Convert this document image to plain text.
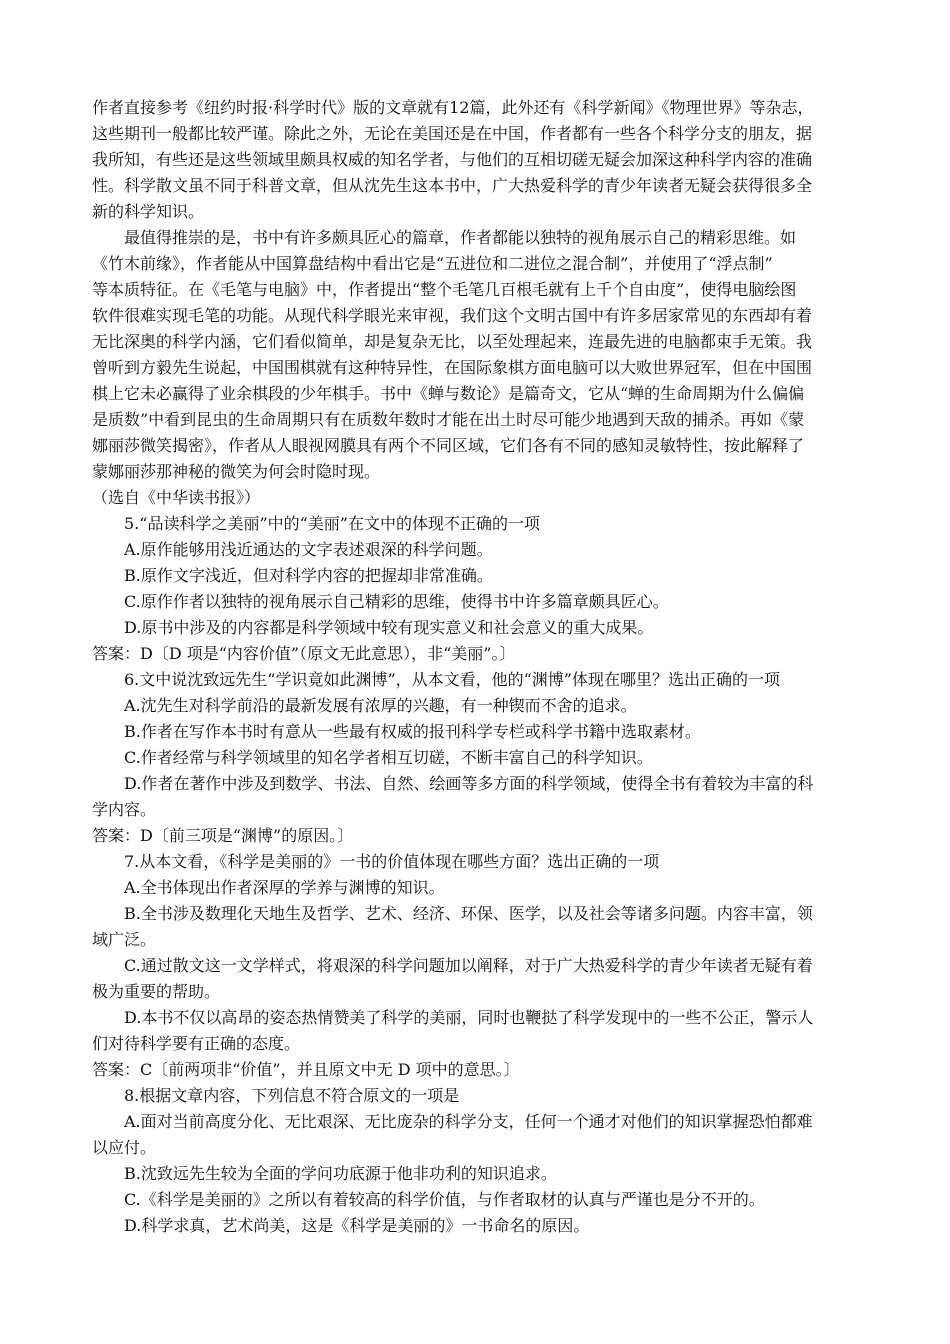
作者直接参考《纽约时报·科学时代》版的文章就有12篇，此外还有《科学新闻》《物理世界》等杂志，
这些期刊一般都比较严谨。除此之外，无论在美国还是在中国，作者都有一些各个科学分支的朋友，据
我所知，有些还是这些领域里颇具权威的知名学者，与他们的互相切磋无疑会加深这种科学内容的准确
性。科学散文虽不同于科普文章，但从沈先生这本书中，广大热爱科学的青少年读者无疑会获得很多全
新的科学知识。
最值得推崇的是，书中有许多颇具匠心的篇章，作者都能以独特的视角展示自己的精彩思维。如
《竹木前缘》，作者能从中国算盘结构中看出它是“五进位和二进位之混合制”，并使用了“浮点制”
等本质特征。在《毛笔与电脑》中，作者提出“整个毛笔几百根毛就有上千个自由度”，使得电脑绘图
软件很难实现毛笔的功能。从现代科学眼光来审视，我们这个文明古国中有许多居家常见的东西却有着
无比深奥的科学内涵，它们看似简单，却是复杂无比，以至处理起来，连最先进的电脑都束手无策。我
曾听到方毅先生说起，中国围棋就有这种特异性，在国际象棋方面电脑可以大败世界冠军，但在中国围
棋上它未必赢得了业余棋段的少年棋手。书中《蝉与数论》是篇奇文，它从“蝉的生命周期为什么偏偏
是质数”中看到昆虫的生命周期只有在质数年数时才能在出土时尽可能少地遇到天敌的捕杀。再如《蒙
娜丽莎微笑揭密》，作者从人眼视网膜具有两个不同区域，它们各有不同的感知灵敏特性，按此解释了
蒙娜丽莎那神秘的微笑为何会时隐时现。
（选自《中华读书报》）
5.“品读科学之美丽”中的“美丽”在文中的体现不正确的一项
A.原作能够用浅近通达的文字表述艰深的科学问题。
B.原作文字浅近，但对科学内容的把握却非常准确。
C.原作作者以独特的视角展示自己精彩的思维，使得书中许多篇章颇具匠心。
D.原书中涉及的内容都是科学领域中较有现实意义和社会意义的重大成果。
答案：D〔D 项是“内容价值”（原文无此意思），非“美丽”。〕
6.文中说沈致远先生“学识竟如此渊博”，从本文看，他的“渊博”体现在哪里？选出正确的一项
A.沈先生对科学前沿的最新发展有浓厚的兴趣，有一种锲而不舍的追求。
B.作者在写作本书时有意从一些最有权威的报刊科学专栏或科学书籍中选取素材。
C.作者经常与科学领域里的知名学者相互切磋，不断丰富自己的科学知识。
D.作者在著作中涉及到数学、书法、自然、绘画等多方面的科学领域，使得全书有着较为丰富的科
学内容。
答案：D〔前三项是“渊博”的原因。〕
7.从本文看，《科学是美丽的》一书的价值体现在哪些方面？选出正确的一项
A.全书体现出作者深厚的学养与渊博的知识。
B.全书涉及数理化天地生及哲学、艺术、经济、环保、医学，以及社会等诸多问题。内容丰富，领
域广泛。
C.通过散文这一文学样式，将艰深的科学问题加以阐释，对于广大热爱科学的青少年读者无疑有着
极为重要的帮助。
D.本书不仅以高昂的姿态热情赞美了科学的美丽，同时也鞭挞了科学发现中的一些不公正，警示人
们对待科学要有正确的态度。
答案：C〔前两项非“价值”，并且原文中无 D 项中的意思。〕
8.根据文章内容，下列信息不符合原文的一项是
A.面对当前高度分化、无比艰深、无比庞杂的科学分支，任何一个通才对他们的知识掌握恐怕都难
以应付。
B.沈致远先生较为全面的学问功底源于他非功利的知识追求。
C.《科学是美丽的》之所以有着较高的科学价值，与作者取材的认真与严谨也是分不开的。
D.科学求真，艺术尚美，这是《科学是美丽的》一书命名的原因。
